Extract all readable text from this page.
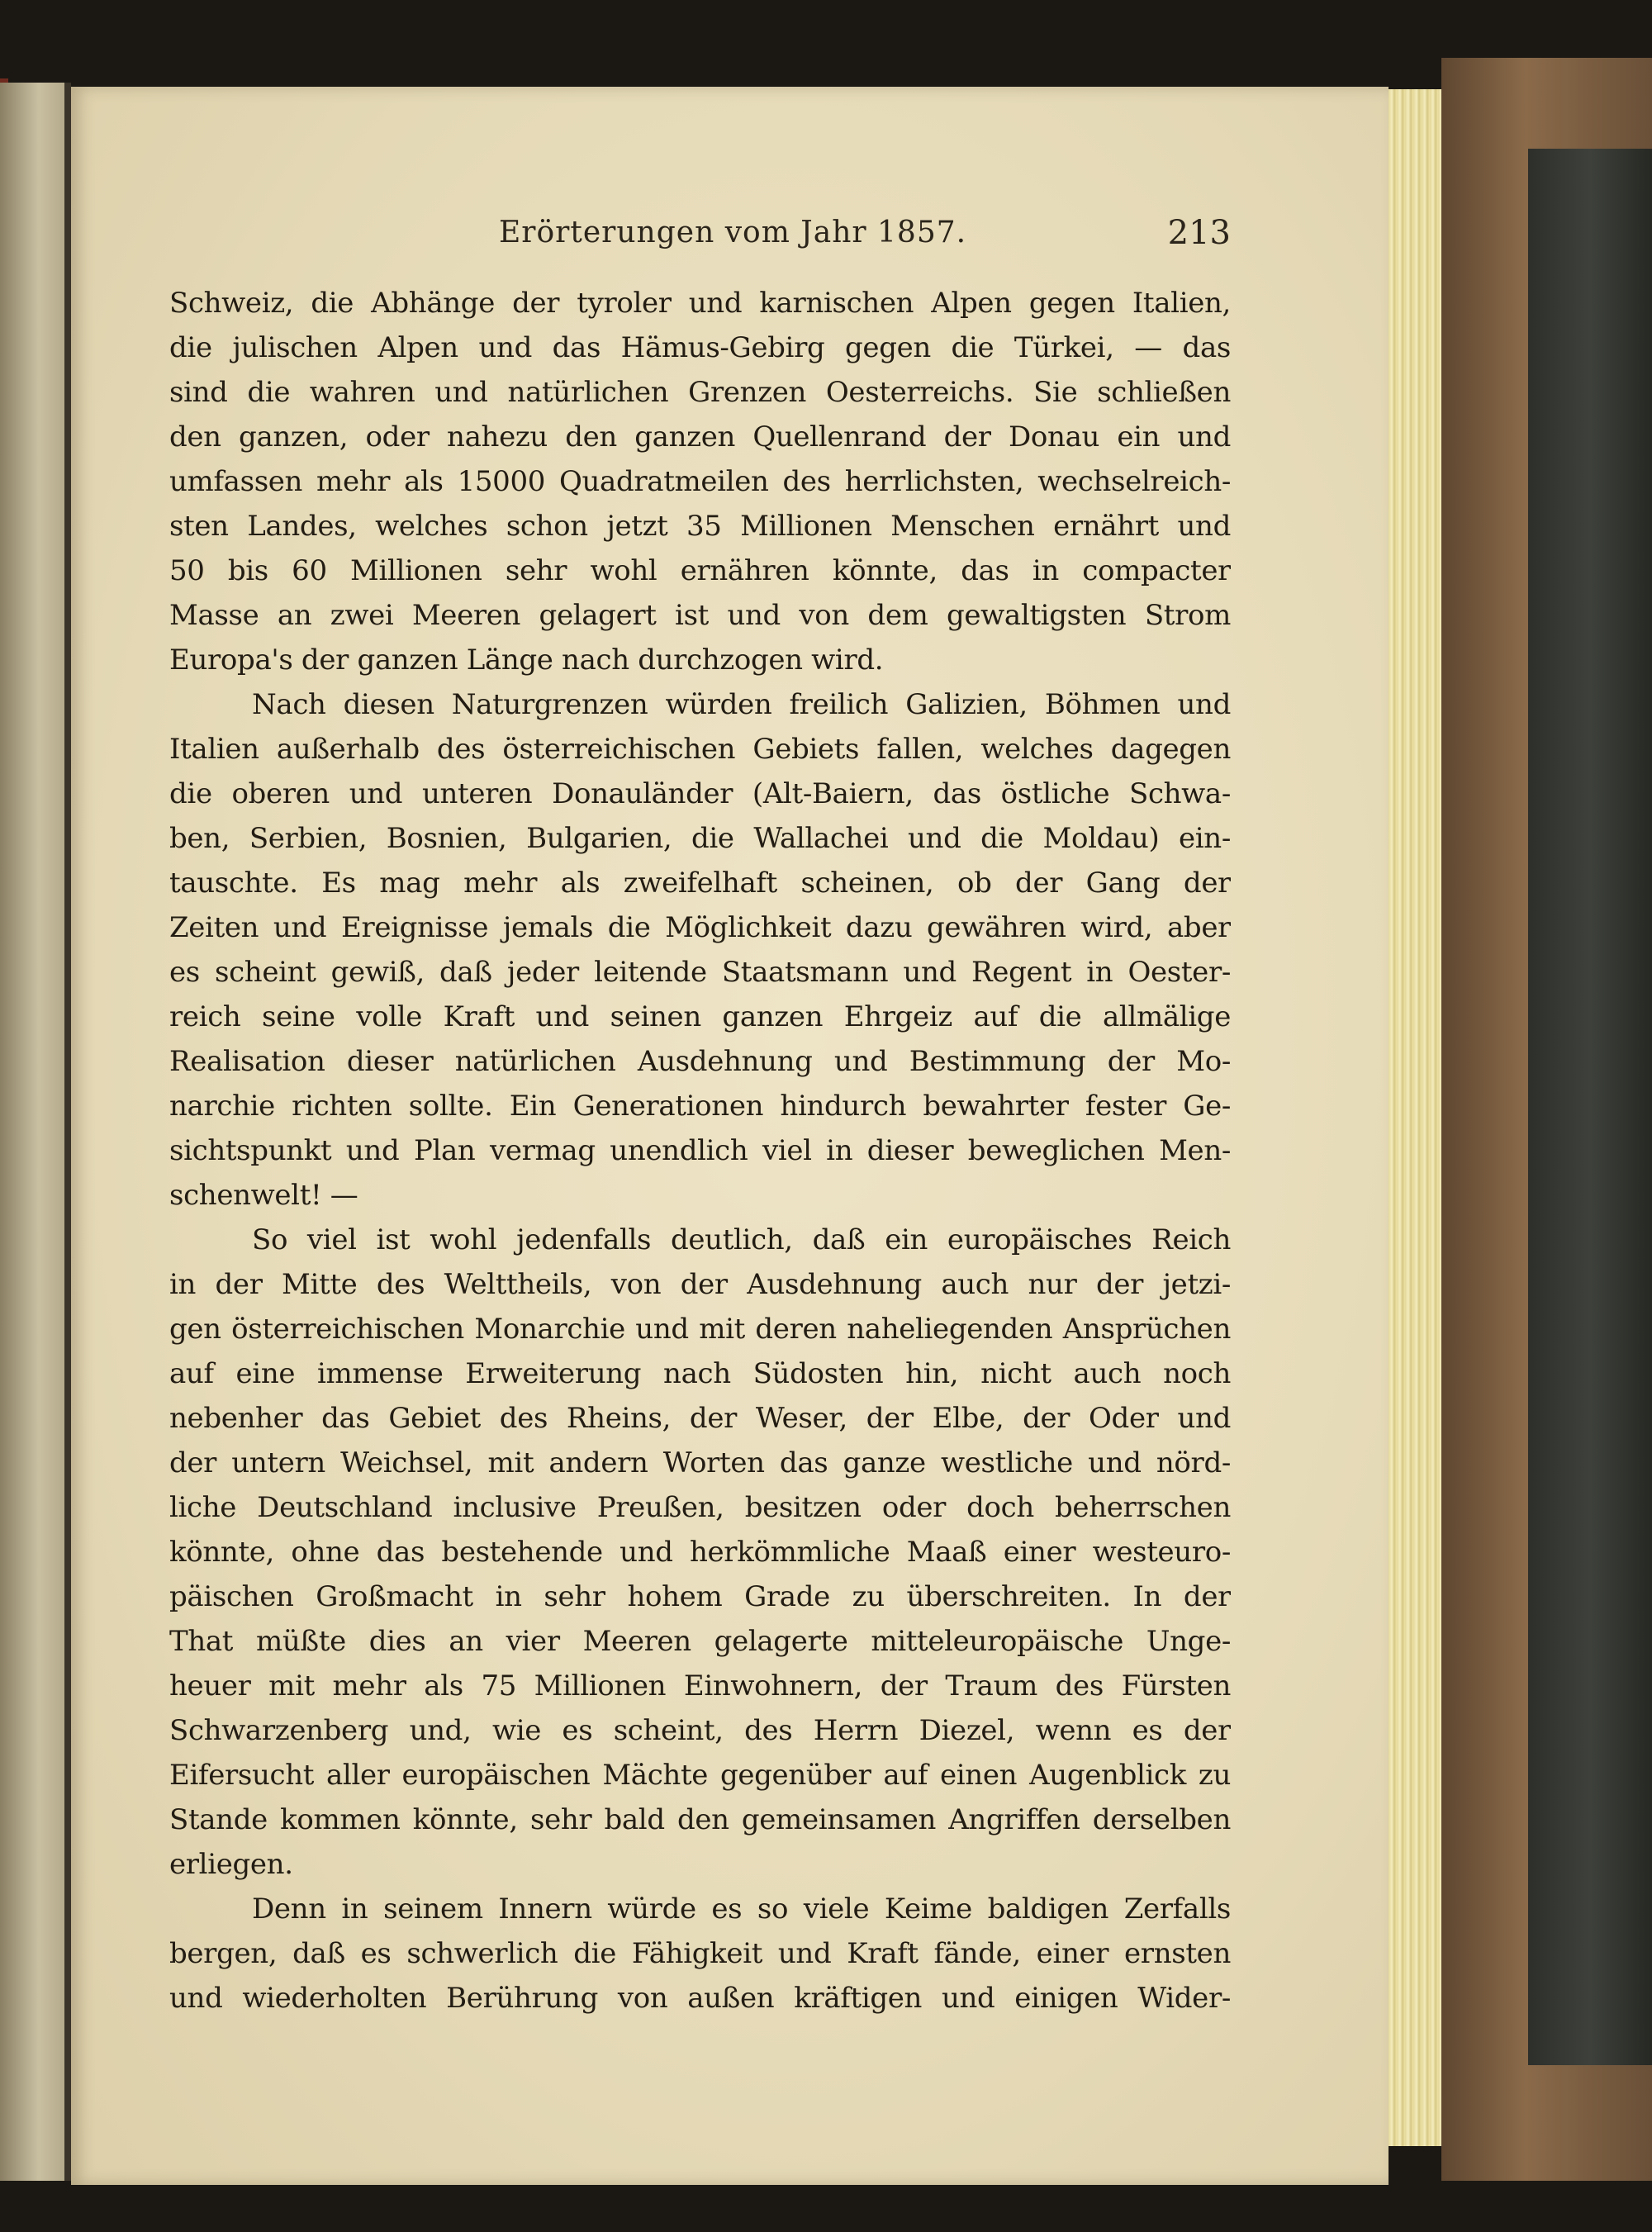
Erörterungen vom Jahr 1857.	213
Schweiz, die Abhänge der tyroler und karnischen Alpen gegen Italien,
die julischen Alpen und das Hämus-Gebirg gegen die Türkei, — das
sind die wahren und natürlichen Grenzen Oesterreichs. Sie schließen
den ganzen, oder nahezu den ganzen Quellenrand der Donau ein und
umfassen mehr als 15000 Quadratmeilen des herrlichsten, wechselreich-
sten Landes, welches schon jetzt 35 Millionen Menschen ernährt und
50 bis 60 Millionen sehr wohl ernähren könnte, das in compacter
Masse an zwei Meeren gelagert ist und von dem gewaltigsten Strom
Europa's der ganzen Länge nach durchzogen wird.
Nach diesen Naturgrenzen würden freilich Galizien, Böhmen und
Italien außerhalb des österreichischen Gebiets fallen, welches dagegen
die oberen und unteren Donauländer (Alt-Baiern, das östliche Schwa-
ben, Serbien, Bosnien, Bulgarien, die Wallachei und die Moldau) ein-
tauschte. Es mag mehr als zweifelhaft scheinen, ob der Gang der
Zeiten und Ereignisse jemals die Möglichkeit dazu gewähren wird, aber
es scheint gewiß, daß jeder leitende Staatsmann und Regent in Oester-
reich seine volle Kraft und seinen ganzen Ehrgeiz auf die allmälige
Realisation dieser natürlichen Ausdehnung und Bestimmung der Mo-
narchie richten sollte. Ein Generationen hindurch bewahrter fester Ge-
sichtspunkt und Plan vermag unendlich viel in dieser beweglichen Men-
schenwelt! —
So viel ist wohl jedenfalls deutlich, daß ein europäisches Reich
in der Mitte des Welttheils, von der Ausdehnung auch nur der jetzi-
gen österreichischen Monarchie und mit deren naheliegenden Ansprüchen
auf eine immense Erweiterung nach Südosten hin, nicht auch noch
nebenher das Gebiet des Rheins, der Weser, der Elbe, der Oder und
der untern Weichsel, mit andern Worten das ganze westliche und nörd-
liche Deutschland inclusive Preußen, besitzen oder doch beherrschen
könnte, ohne das bestehende und herkömmliche Maaß einer westeuro-
päischen Großmacht in sehr hohem Grade zu überschreiten. In der
That müßte dies an vier Meeren gelagerte mitteleuropäische Unge-
heuer mit mehr als 75 Millionen Einwohnern, der Traum des Fürsten
Schwarzenberg und, wie es scheint, des Herrn Diezel, wenn es der
Eifersucht aller europäischen Mächte gegenüber auf einen Augenblick zu
Stande kommen könnte, sehr bald den gemeinsamen Angriffen derselben
erliegen.
Denn in seinem Innern würde es so viele Keime baldigen Zerfalls
bergen, daß es schwerlich die Fähigkeit und Kraft fände, einer ernsten
und wiederholten Berührung von außen kräftigen und einigen Wider-
